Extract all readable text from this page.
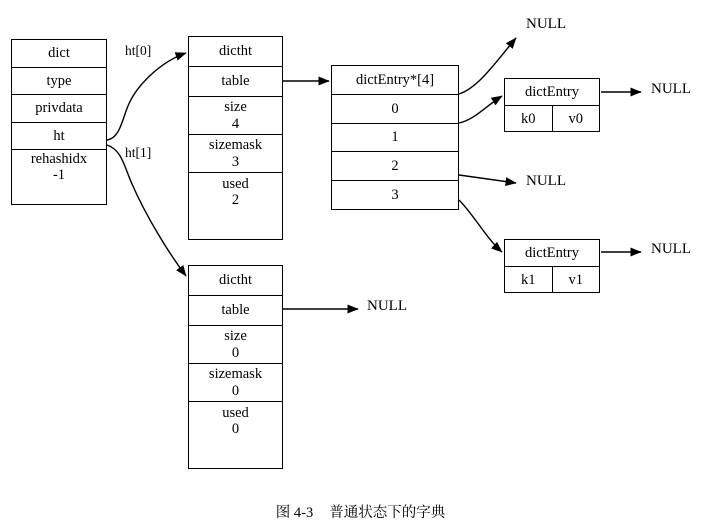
dict
type
privdata
ht
rehashidx
-1
ht[0]
ht[1]
dictht
table
size
4
sizemask
3
used
2
dictht
table
size
0
sizemask
0
used
0
dictEntry*[4]
0
1
2
3
dictEntry
k0	v0
dictEntry
k1	v1
NULL
NULL
NULL
NULL
NULL
图 4-3 普通状态下的字典
